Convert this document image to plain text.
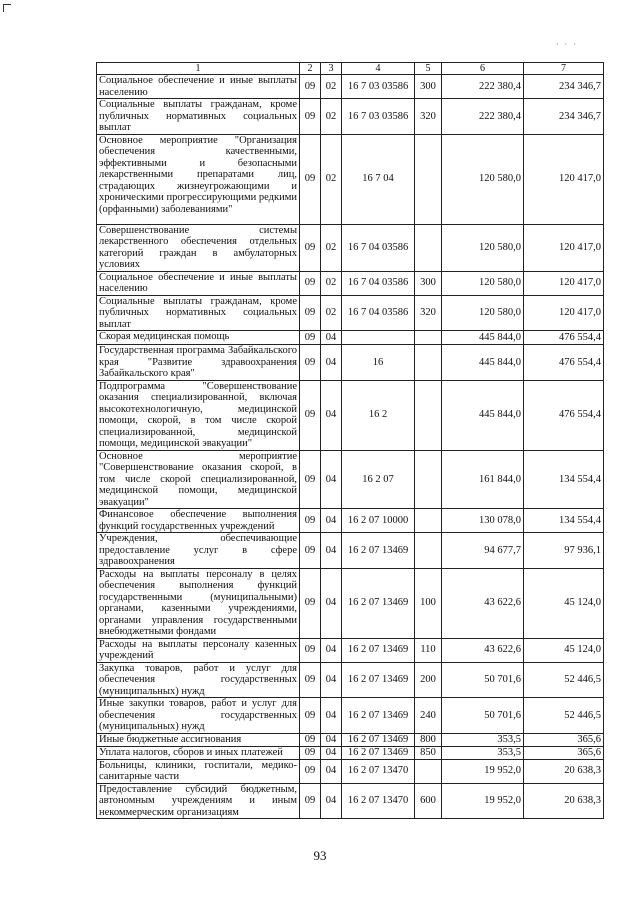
· · ·
1	2	3	4	5	6	7
Социальное обеспечение и иные выплаты населению	09	02	16 7 03 03586	300	222 380,4	234 346,7
Социальные выплаты гражданам, кроме публичных нормативных социальных выплат	09	02	16 7 03 03586	320	222 380,4	234 346,7
Основное мероприятие "Организация обеспечения качественными, эффективными и безопасными лекарственными препаратами лиц, страдающих жизнеугрожающими и хроническими прогрессирующими редкими (орфанными) заболеваниями"	09	02	16 7 04		120 580,0	120 417,0
Совершенствование системы лекарственного обеспечения отдельных категорий граждан в амбулаторных условиях	09	02	16 7 04 03586		120 580,0	120 417,0
Социальное обеспечение и иные выплаты населению	09	02	16 7 04 03586	300	120 580,0	120 417,0
Социальные выплаты гражданам, кроме публичных нормативных социальных выплат	09	02	16 7 04 03586	320	120 580,0	120 417,0
Скорая медицинская помощь	09	04			445 844,0	476 554,4
Государственная программа Забайкальского края "Развитие здравоохранения Забайкальского края"	09	04	16		445 844,0	476 554,4
Подпрограмма "Совершенствование оказания специализированной, включая высокотехнологичную, медицинской помощи, скорой, в том числе скорой специализированной, медицинской помощи, медицинской эвакуации"	09	04	16 2		445 844,0	476 554,4
Основное мероприятие "Совершенствование оказания скорой, в том числе скорой специализированной, медицинской помощи, медицинской эвакуации"	09	04	16 2 07		161 844,0	134 554,4
Финансовое обеспечение выполнения функций государственных учреждений	09	04	16 2 07 10000		130 078,0	134 554,4
Учреждения, обеспечивающие предоставление услуг в сфере здравоохранения	09	04	16 2 07 13469		94 677,7	97 936,1
Расходы на выплаты персоналу в целях обеспечения выполнения функций государственными (муниципальными) органами, казенными учреждениями, органами управления государственными внебюджетными фондами	09	04	16 2 07 13469	100	43 622,6	45 124,0
Расходы на выплаты персоналу казенных учреждений	09	04	16 2 07 13469	110	43 622,6	45 124,0
Закупка товаров, работ и услуг для обеспечения государственных (муниципальных) нужд	09	04	16 2 07 13469	200	50 701,6	52 446,5
Иные закупки товаров, работ и услуг для обеспечения государственных (муниципальных) нужд	09	04	16 2 07 13469	240	50 701,6	52 446,5
Иные бюджетные ассигнования	09	04	16 2 07 13469	800	353,5	365,6
Уплата налогов, сборов и иных платежей	09	04	16 2 07 13469	850	353,5	365,6
Больницы, клиники, госпитали, медико-санитарные части	09	04	16 2 07 13470		19 952,0	20 638,3
Предоставление субсидий бюджетным, автономным учреждениям и иным некоммерческим организациям	09	04	16 2 07 13470	600	19 952,0	20 638,3
93
